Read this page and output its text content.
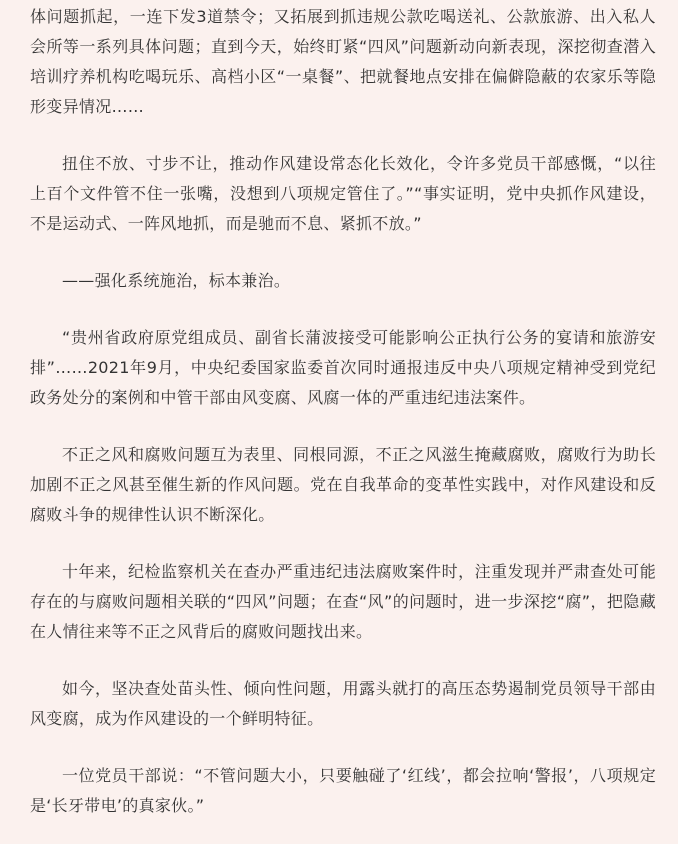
体问题抓起，一连下发3道禁令；又拓展到抓违规公款吃喝送礼、公款旅游、出入私人会所等一系列具体问题；直到今天，始终盯紧“四风”问题新动向新表现，深挖彻查潜入培训疗养机构吃喝玩乐、高档小区“一桌餐”、把就餐地点安排在偏僻隐蔽的农家乐等隐形变异情况……

扭住不放、寸步不让，推动作风建设常态化长效化，令许多党员干部感慨，“以往上百个文件管不住一张嘴，没想到八项规定管住了。”“事实证明，党中央抓作风建设，不是运动式、一阵风地抓，而是驰而不息、紧抓不放。”

——强化系统施治，标本兼治。

“贵州省政府原党组成员、副省长蒲波接受可能影响公正执行公务的宴请和旅游安排”……2021年9月，中央纪委国家监委首次同时通报违反中央八项规定精神受到党纪政务处分的案例和中管干部由风变腐、风腐一体的严重违纪违法案件。

不正之风和腐败问题互为表里、同根同源，不正之风滋生掩藏腐败，腐败行为助长加剧不正之风甚至催生新的作风问题。党在自我革命的变革性实践中，对作风建设和反腐败斗争的规律性认识不断深化。

十年来，纪检监察机关在查办严重违纪违法腐败案件时，注重发现并严肃查处可能存在的与腐败问题相关联的“四风”问题；在查“风”的问题时，进一步深挖“腐”，把隐藏在人情往来等不正之风背后的腐败问题找出来。

如今，坚决查处苗头性、倾向性问题，用露头就打的高压态势遏制党员领导干部由风变腐，成为作风建设的一个鲜明特征。

一位党员干部说：“不管问题大小，只要触碰了‘红线’，都会拉响‘警报’，八项规定是‘长牙带电’的真家伙。”
